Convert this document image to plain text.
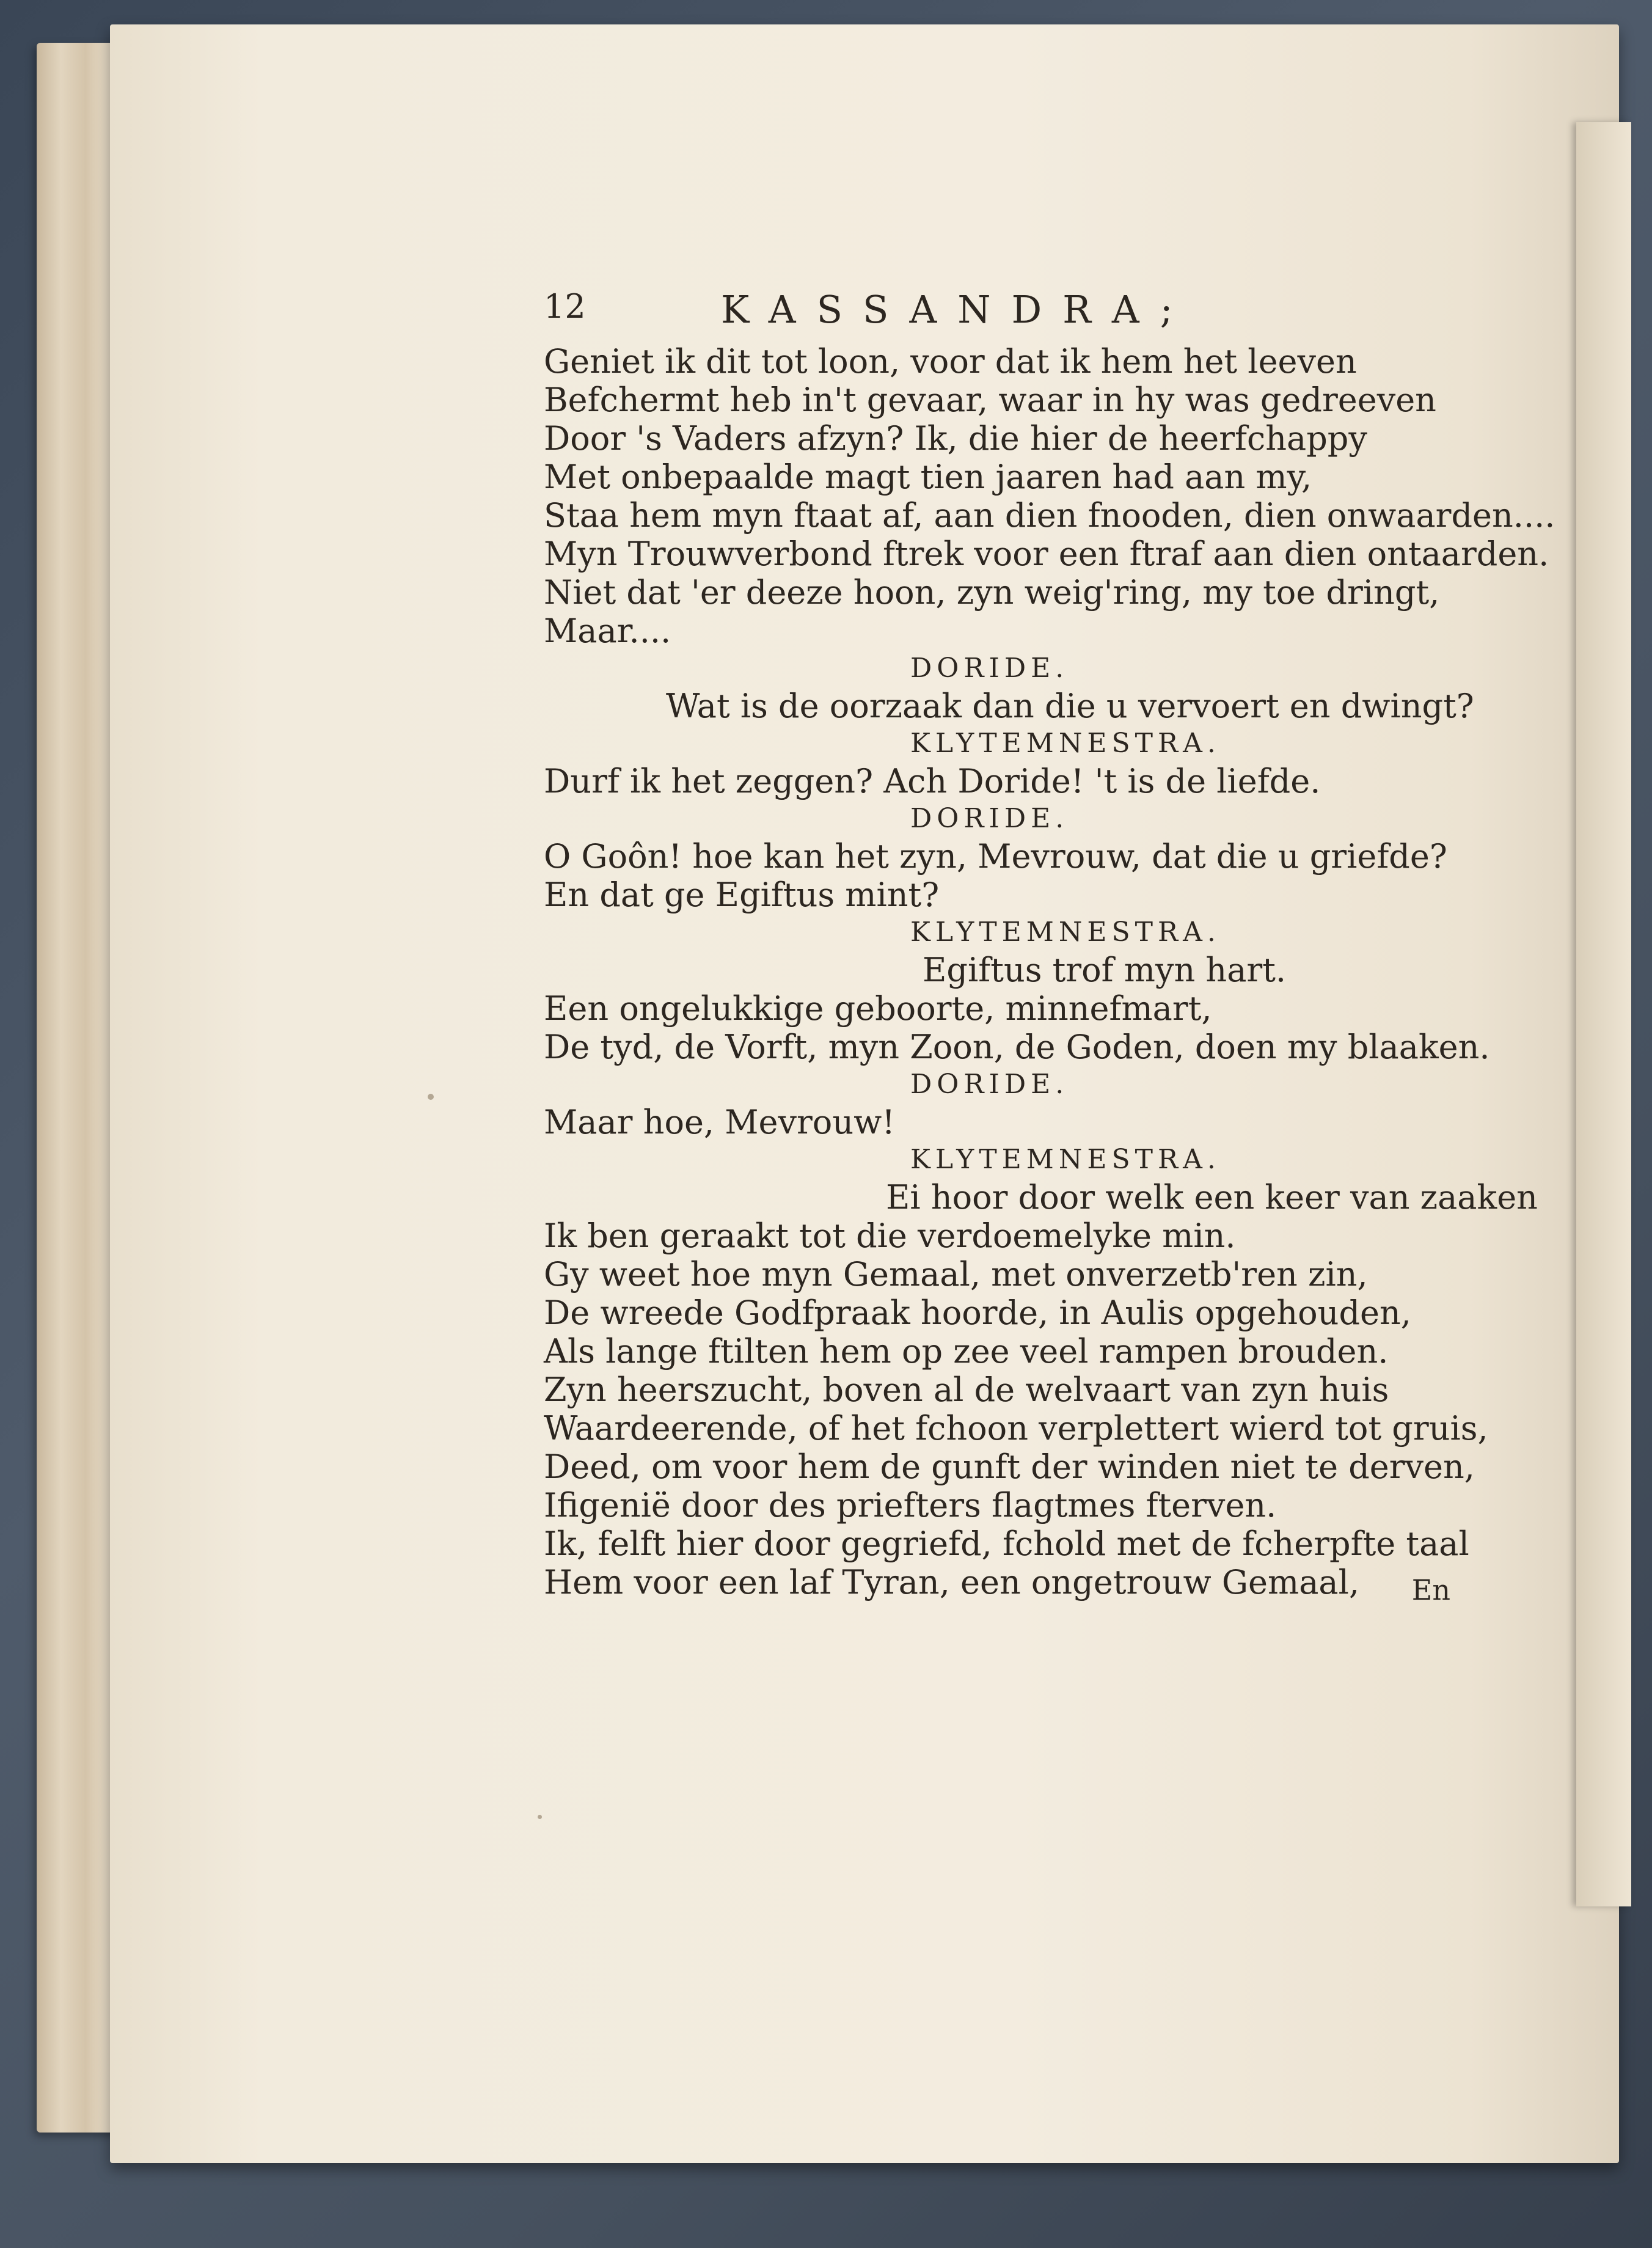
12	KASSANDRA;
Geniet ik dit tot loon, voor dat ik hem het leeven
Befchermt heb in't gevaar, waar in hy was gedreeven
Door 's Vaders afzyn? Ik, die hier de heerfchappy
Met onbepaalde magt tien jaaren had aan my,
Staa hem myn ftaat af, aan dien fnooden, dien onwaarden....
Myn Trouwverbond ftrek voor een ftraf aan dien ontaarden.
Niet dat 'er deeze hoon, zyn weig'ring, my toe dringt,
Maar....
DORIDE.
Wat is de oorzaak dan die u vervoert en dwingt?
KLYTEMNESTRA.
Durf ik het zeggen? Ach Doride! 't is de liefde.
DORIDE.
O Goôn! hoe kan het zyn, Mevrouw, dat die u griefde?
En dat ge Egiftus mint?
KLYTEMNESTRA.
Egiftus trof myn hart.
Een ongelukkige geboorte, minnefmart,
De tyd, de Vorft, myn Zoon, de Goden, doen my blaaken.
DORIDE.
Maar hoe, Mevrouw!
KLYTEMNESTRA.
Ei hoor door welk een keer van zaaken
Ik ben geraakt tot die verdoemelyke min.
Gy weet hoe myn Gemaal, met onverzetb'ren zin,
De wreede Godfpraak hoorde, in Aulis opgehouden,
Als lange ftilten hem op zee veel rampen brouden.
Zyn heerszucht, boven al de welvaart van zyn huis
Waardeerende, of het fchoon verplettert wierd tot gruis,
Deed, om voor hem de gunft der winden niet te derven,
Ifigenië door des priefters flagtmes fterven.
Ik, felft hier door gegriefd, fchold met de fcherpfte taal
Hem voor een laf Tyran, een ongetrouw Gemaal,	En
